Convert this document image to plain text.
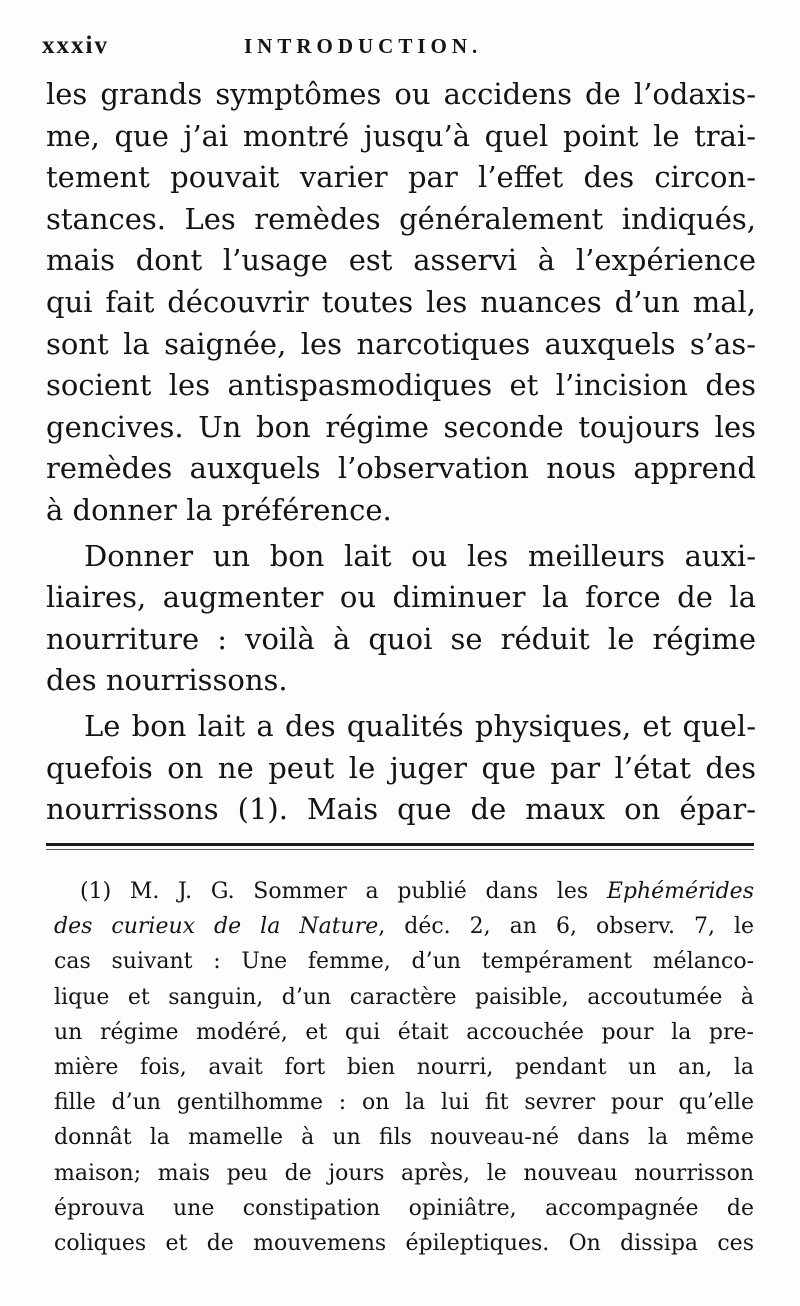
xxxiv	INTRODUCTION.
les grands symptômes ou accidens de l’odaxis-
me, que j’ai montré jusqu’à quel point le trai-
tement pouvait varier par l’effet des circon-
stances. Les remèdes généralement indiqués,
mais dont l’usage est asservi à l’expérience
qui fait découvrir toutes les nuances d’un mal,
sont la saignée, les narcotiques auxquels s’as-
socient les antispasmodiques et l’incision des
gencives. Un bon régime seconde toujours les
remèdes auxquels l’observation nous apprend
à donner la préférence.
Donner un bon lait ou les meilleurs auxi-
liaires, augmenter ou diminuer la force de la
nourriture : voilà à quoi se réduit le régime
des nourrissons.
Le bon lait a des qualités physiques, et quel-
quefois on ne peut le juger que par l’état des
nourrissons (1). Mais que de maux on épar-
(1) M. J. G. Sommer a publié dans les Ephémérides
des curieux de la Nature, déc. 2, an 6, observ. 7, le
cas suivant : Une femme, d’un tempérament mélanco-
lique et sanguin, d’un caractère paisible, accoutumée à
un régime modéré, et qui était accouchée pour la pre-
mière fois, avait fort bien nourri, pendant un an, la
fille d’un gentilhomme : on la lui fit sevrer pour qu’elle
donnât la mamelle à un fils nouveau-né dans la même
maison; mais peu de jours après, le nouveau nourrisson
éprouva une constipation opiniâtre, accompagnée de
coliques et de mouvemens épileptiques. On dissipa ces
